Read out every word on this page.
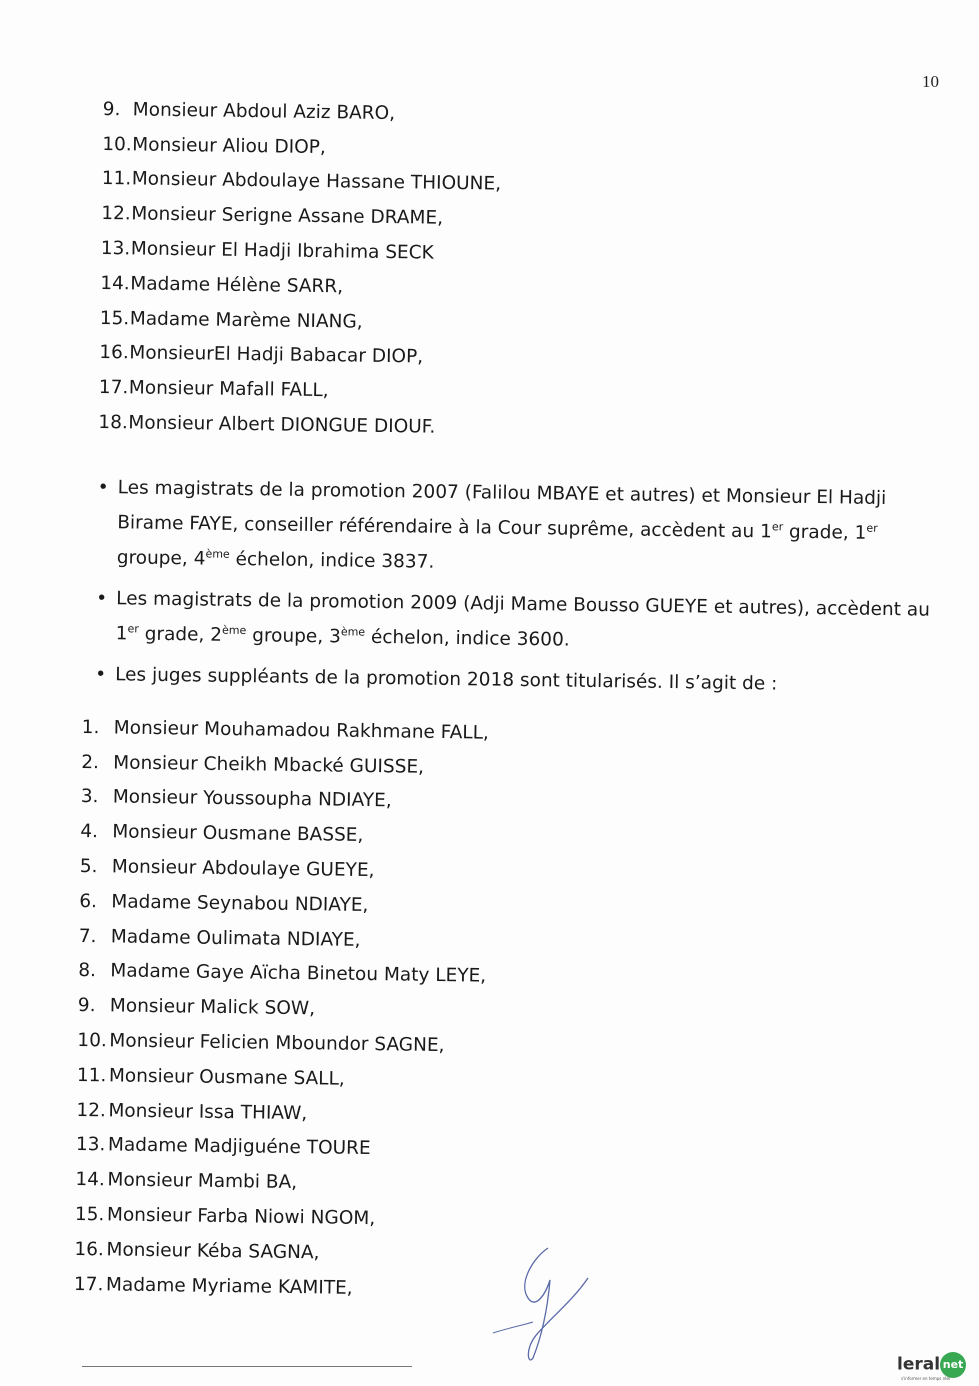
10
9. Monsieur Abdoul Aziz BARO,
10. Monsieur Aliou DIOP,
11. Monsieur Abdoulaye Hassane THIOUNE,
12. Monsieur Serigne Assane DRAME,
13. Monsieur El Hadji Ibrahima SECK
14. Madame Hélène SARR,
15. Madame Marème NIANG,
16. MonsieurEl Hadji Babacar DIOP,
17. Monsieur Mafall FALL,
18. Monsieur Albert DIONGUE DIOUF.
• Les magistrats de la promotion 2007 (Falilou MBAYE et autres) et Monsieur El Hadji Birame FAYE, conseiller référendaire à la Cour suprême, accèdent au 1er grade, 1er groupe, 4ème échelon, indice 3837.
• Les magistrats de la promotion 2009 (Adji Mame Bousso GUEYE et autres), accèdent au 1er grade, 2ème groupe, 3ème échelon, indice 3600.
• Les juges suppléants de la promotion 2018 sont titularisés. Il s’agit de :
1. Monsieur Mouhamadou Rakhmane FALL,
2. Monsieur Cheikh Mbacké GUISSE,
3. Monsieur Youssoupha NDIAYE,
4. Monsieur Ousmane BASSE,
5. Monsieur Abdoulaye GUEYE,
6. Madame Seynabou NDIAYE,
7. Madame Oulimata NDIAYE,
8. Madame Gaye Aïcha Binetou Maty LEYE,
9. Monsieur Malick SOW,
10. Monsieur Felicien Mboundor SAGNE,
11. Monsieur Ousmane SALL,
12. Monsieur Issa THIAW,
13. Madame Madjiguéne TOURE
14. Monsieur Mambi BA,
15. Monsieur Farba Niowi NGOM,
16. Monsieur Kéba SAGNA,
17. Madame Myriame KAMITE,
leral net
s'informer en temps réel
